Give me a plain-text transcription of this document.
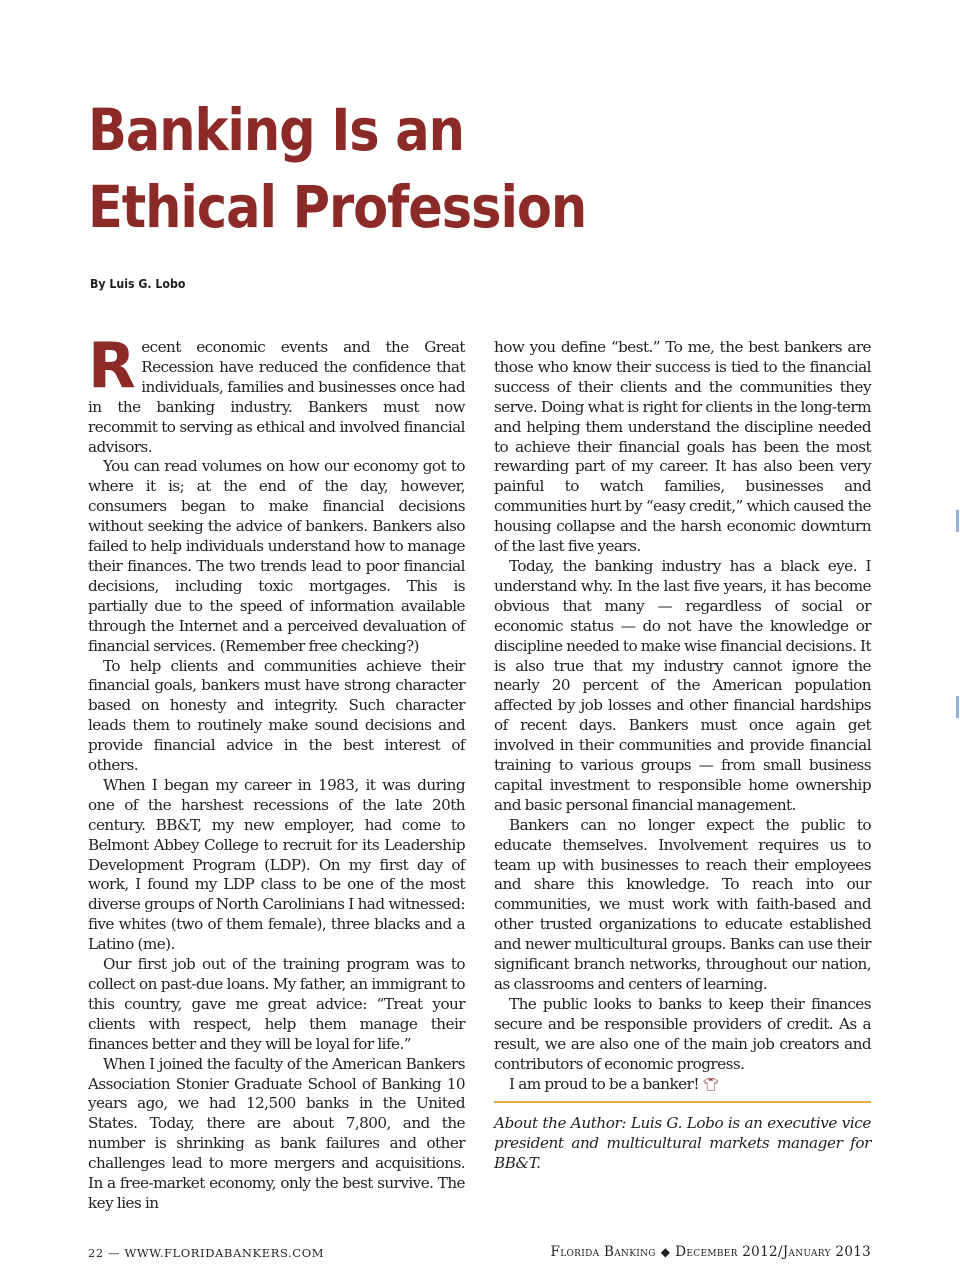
Banking Is an
Ethical Profession

By Luis G. Lobo

Recent economic events and the Great Recession have reduced the confidence that individuals, families and businesses once had in the banking industry. Bankers must now recommit to serving as ethical and involved financial advisors.

You can read volumes on how our economy got to where it is; at the end of the day, however, consumers began to make financial decisions without seeking the advice of bankers. Bankers also failed to help individuals understand how to manage their finances. The two trends lead to poor financial decisions, including toxic mortgages. This is partially due to the speed of information available through the Internet and a perceived devaluation of financial services. (Remember free checking?)

To help clients and communities achieve their financial goals, bankers must have strong character based on honesty and integrity. Such character leads them to routinely make sound decisions and provide financial advice in the best interest of others.

When I began my career in 1983, it was during one of the harshest recessions of the late 20th century. BB&T, my new employer, had come to Belmont Abbey College to recruit for its Leadership Development Program (LDP). On my first day of work, I found my LDP class to be one of the most diverse groups of North Carolinians I had witnessed: five whites (two of them female), three blacks and a Latino (me).

Our first job out of the training program was to collect on past-due loans. My father, an immigrant to this country, gave me great advice: “Treat your clients with respect, help them manage their finances better and they will be loyal for life.”

When I joined the faculty of the American Bankers Association Stonier Graduate School of Banking 10 years ago, we had 12,500 banks in the United States. Today, there are about 7,800, and the number is shrinking as bank failures and other challenges lead to more mergers and acquisitions. In a free-market economy, only the best survive. The key lies in

how you define “best.” To me, the best bankers are those who know their success is tied to the financial success of their clients and the communities they serve. Doing what is right for clients in the long-term and helping them understand the discipline needed to achieve their financial goals has been the most rewarding part of my career. It has also been very painful to watch families, businesses and communities hurt by “easy credit,” which caused the housing collapse and the harsh economic downturn of the last five years.

Today, the banking industry has a black eye. I understand why. In the last five years, it has become obvious that many — regardless of social or economic status — do not have the knowledge or discipline needed to make wise financial decisions. It is also true that my industry cannot ignore the nearly 20 percent of the American population affected by job losses and other financial hardships of recent days. Bankers must once again get involved in their communities and provide financial training to various groups — from small business capital investment to responsible home ownership and basic personal financial management.

Bankers can no longer expect the public to educate themselves. Involvement requires us to team up with businesses to reach their employees and share this knowledge. To reach into our communities, we must work with faith-based and other trusted organizations to educate established and newer multicultural groups. Banks can use their significant branch networks, throughout our nation, as classrooms and centers of learning.

The public looks to banks to keep their finances secure and be responsible providers of credit. As a result, we are also one of the main job creators and contributors of economic progress.

I am proud to be a banker! 👕︎

About the Author: Luis G. Lobo is an executive vice president and multicultural markets manager for BB&T.

22 — WWW.FLORIDABANKERS.COM	Florida Banking ◆ December 2012/January 2013
